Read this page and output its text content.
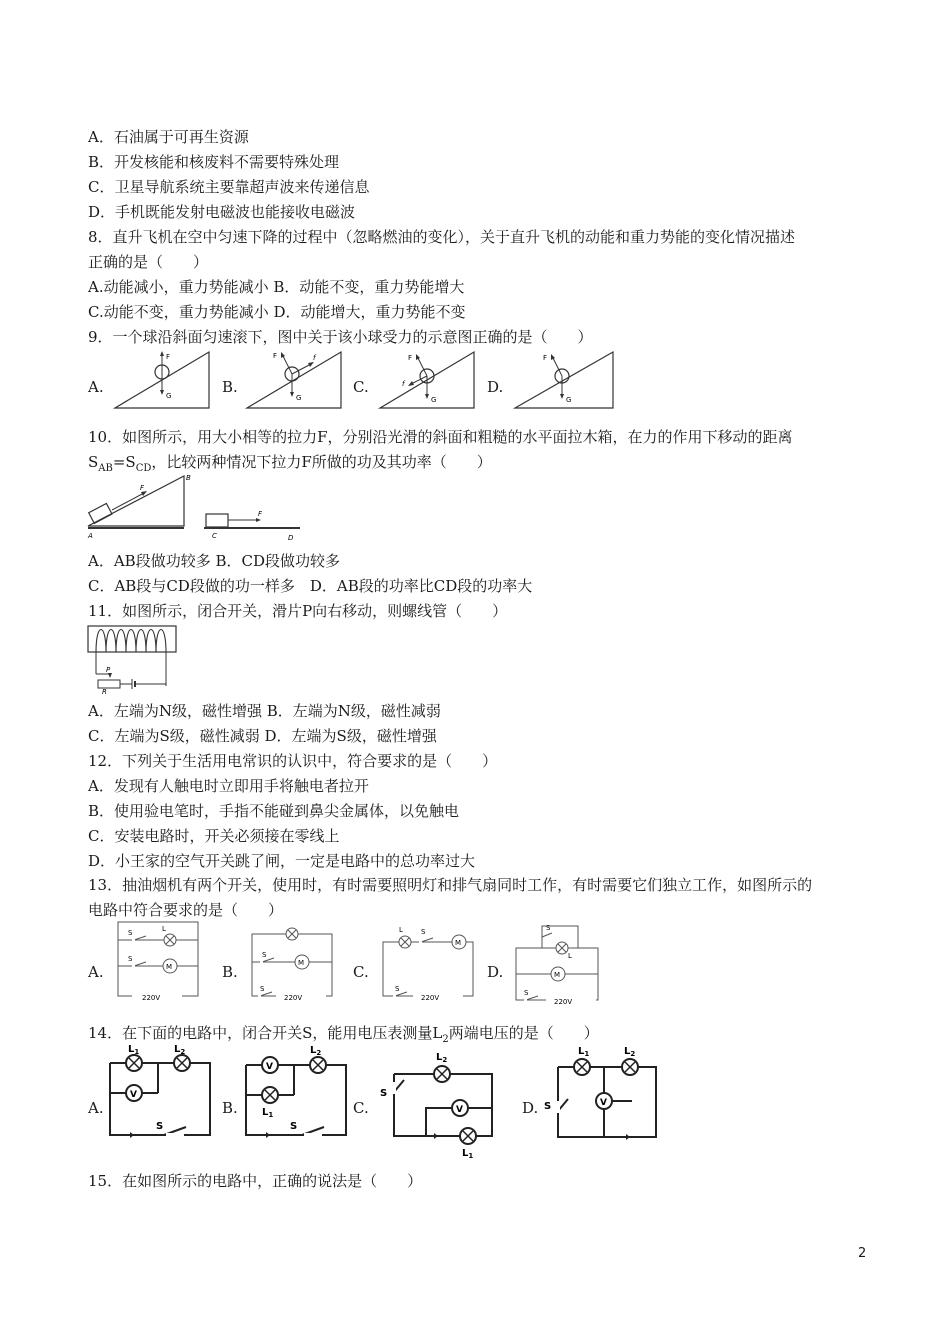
A．石油属于可再生资源
B．开发核能和核废料不需要特殊处理
C．卫星导航系统主要靠超声波来传递信息
D．手机既能发射电磁波也能接收电磁波
8．直升飞机在空中匀速下降的过程中（忽略燃油的变化），关于直升飞机的动能和重力势能的变化情况描述
正确的是（　　）
A.动能减小，重力势能减小 B．动能不变，重力势能增大
C.动能不变，重力势能减小 D．动能增大，重力势能不变
9．一个球沿斜面匀速滚下，图中关于该小球受力的示意图正确的是（　　）
A.
F
G	B.
F	f
G
C.
F
f
G
D.
F
G
10．如图所示，用大小相等的拉力F，分别沿光滑的斜面和粗糙的水平面拉木箱，在力的作用下移动的距离
$S_{AB}=S_{CD}$，比较两种情况下拉力F所做的功及其功率（　　）
F
B
A
F
C	D
A．AB段做功较多 B．CD段做功较多
C．AB段与CD段做的功一样多　D．AB段的功率比CD段的功率大
11．如图所示，闭合开关，滑片P向右移动，则螺线管（　　）
P
R
A．左端为N级，磁性增强 B．左端为N级，磁性减弱
C．左端为S级，磁性减弱 D．左端为S级，磁性增强
12．下列关于生活用电常识的认识中，符合要求的是（　　）
A．发现有人触电时立即用手将触电者拉开
B．使用验电笔时，手指不能碰到鼻尖金属体，以免触电
C．安装电路时，开关必须接在零线上
D．小王家的空气开关跳了闸，一定是电路中的总功率过大
13．抽油烟机有两个开关，使用时，有时需要照明灯和排气扇同时工作，有时需要它们独立工作，如图所示的
电路中符合要求的是（　　）
A.	M
L
S
S
220V
B.	M
S
S
220V
C.
L	S
M
S
220V
D.
S
L
M
S
220V
14．在下面的电路中，闭合开关S，能用电压表测量$L_2$两端电压的是（　　）
A.
$L_1$	$L_2$
V
S
B.
V
$L_2$
$L_1$
S
C.
$L_2$
S
V
$L_1$
D.
$L_1$	$L_2$
V
S
15．在如图所示的电路中，正确的说法是（　　）
2
